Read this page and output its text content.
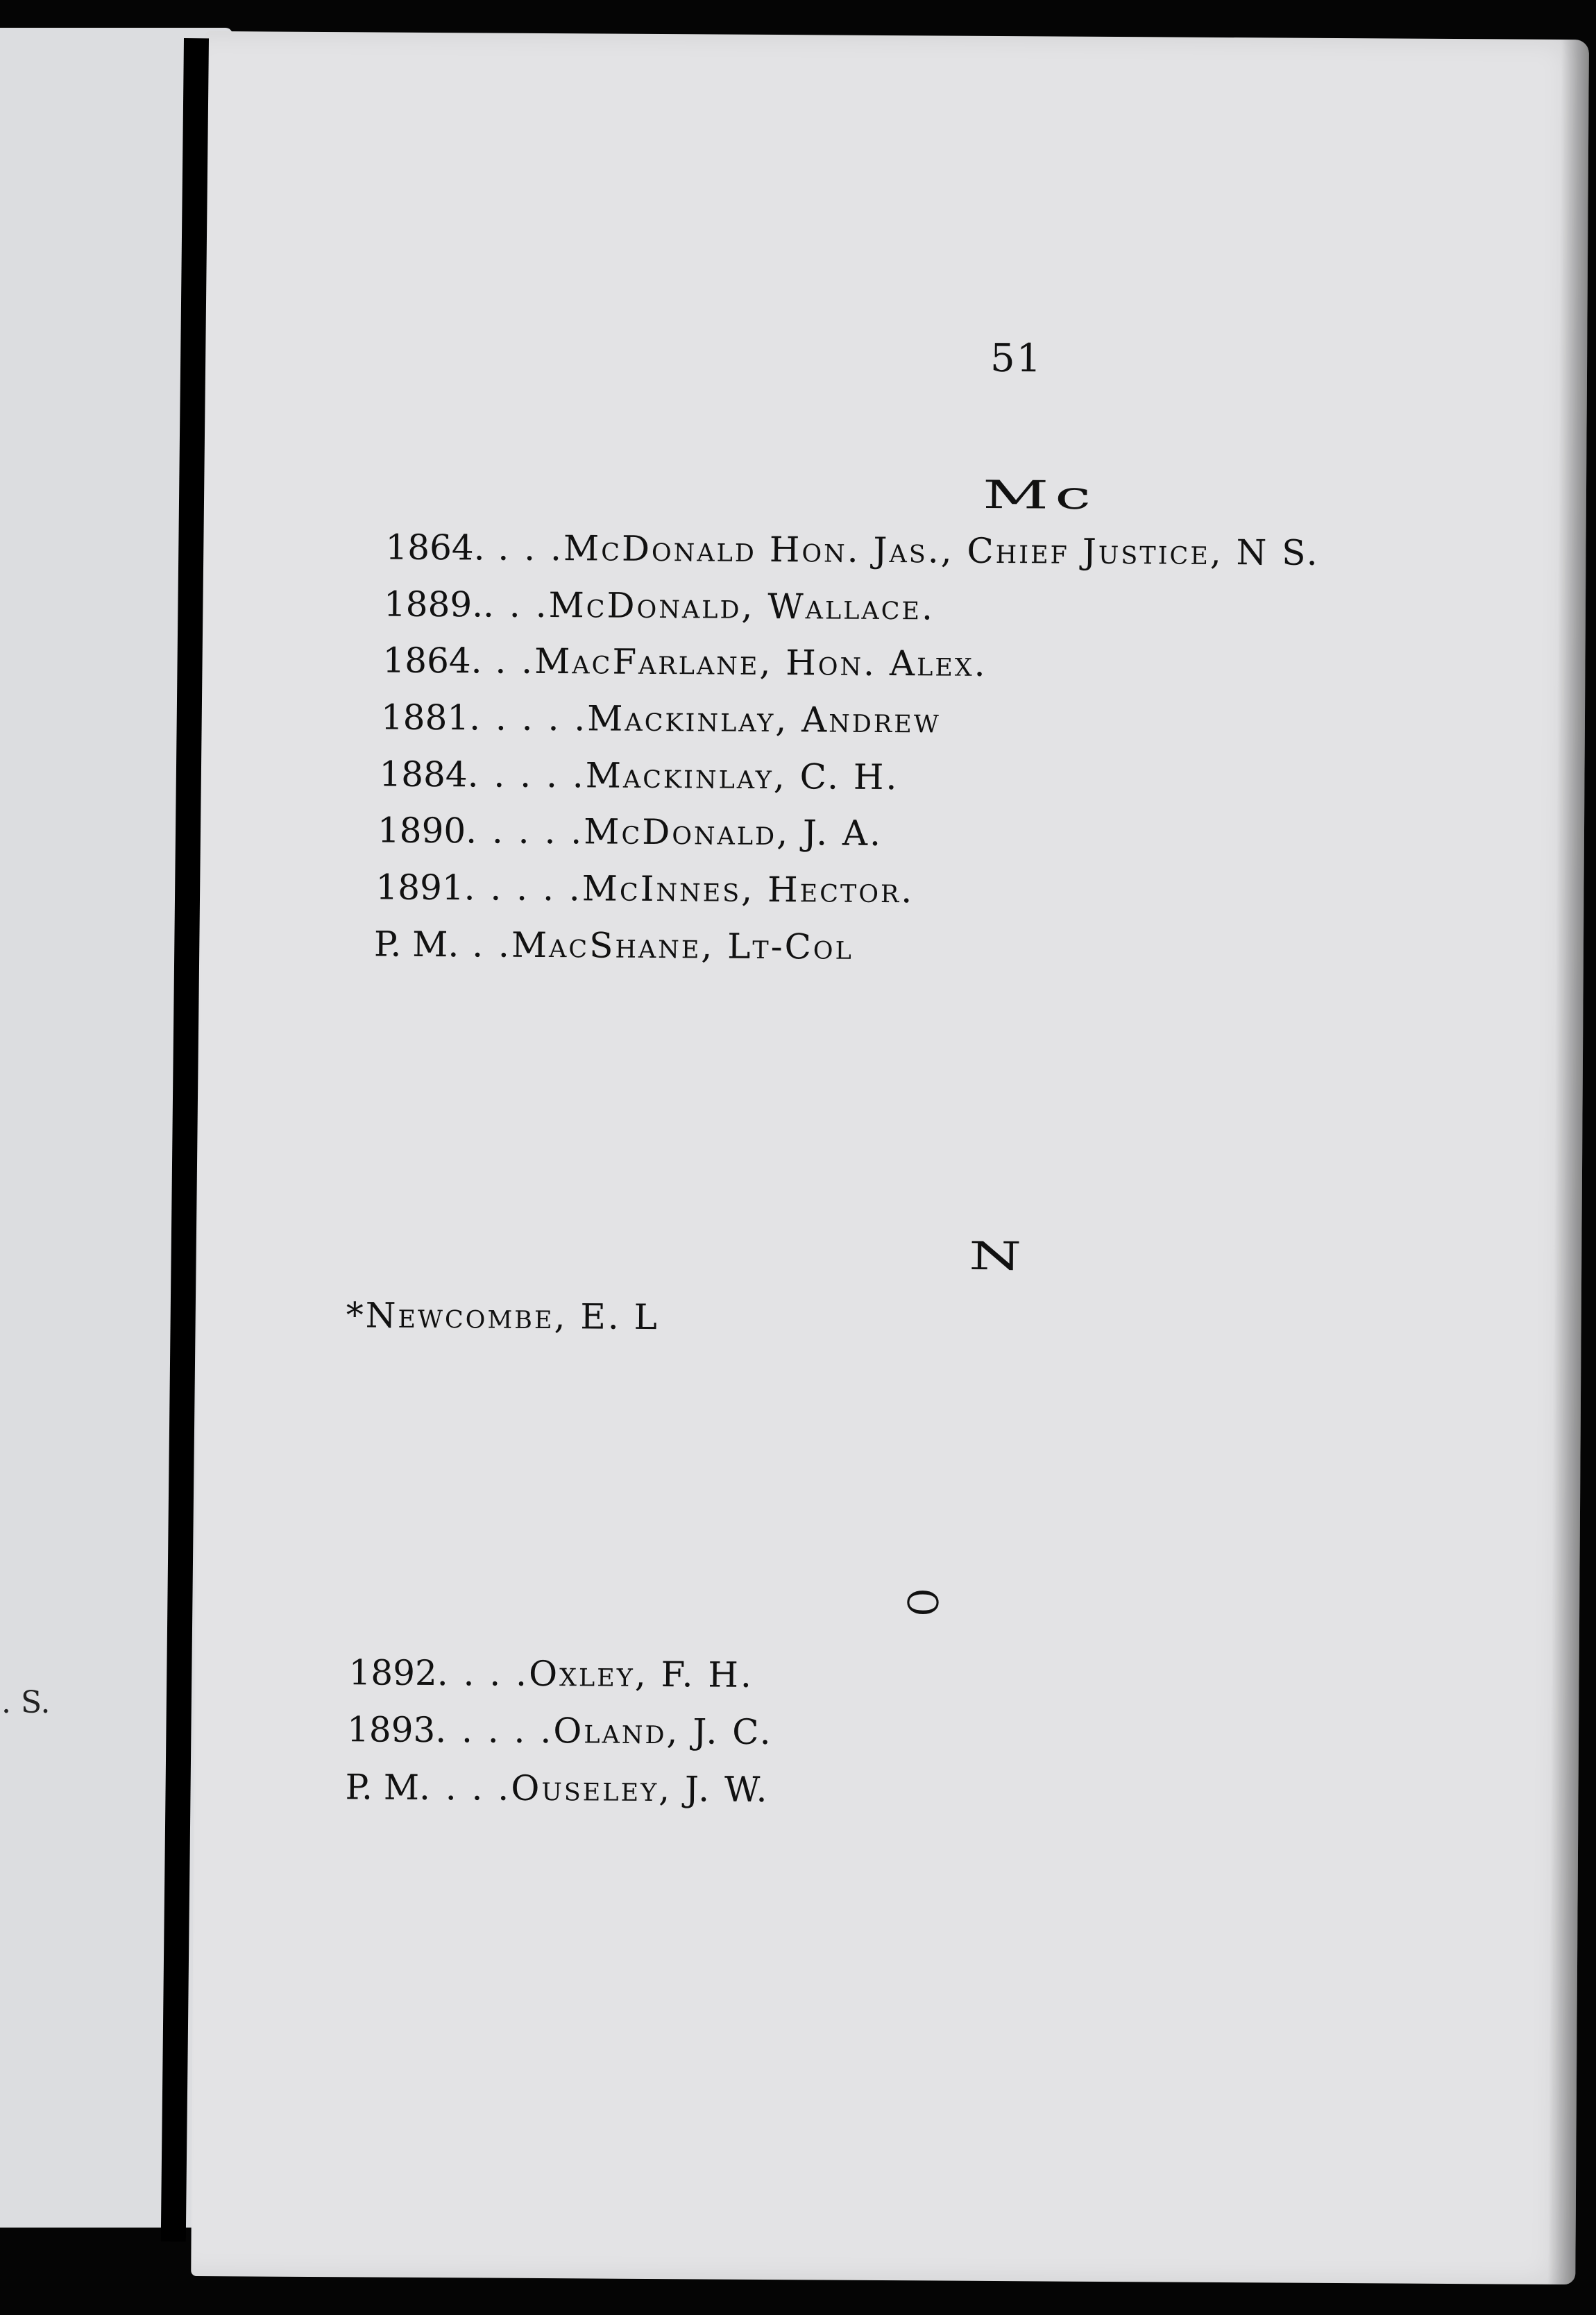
. S.
51
Mc
1864. . . .McDonald Hon. Jas., Chief Justice, N S.
1889.. . .McDonald, Wallace.
1864. . .MacFarlane, Hon. Alex.
1881. . . . .Mackinlay, Andrew
1884. . . . .Mackinlay, C. H.
1890. . . . .McDonald, J. A.
1891. . . . .McInnes, Hector.
P. M. . .MacShane, Lt-Col
N
*Newcombe, E. L
O
1892. . . .Oxley, F. H.
1893. . . . .Oland, J. C.
P. M. . . .Ouseley, J. W.
